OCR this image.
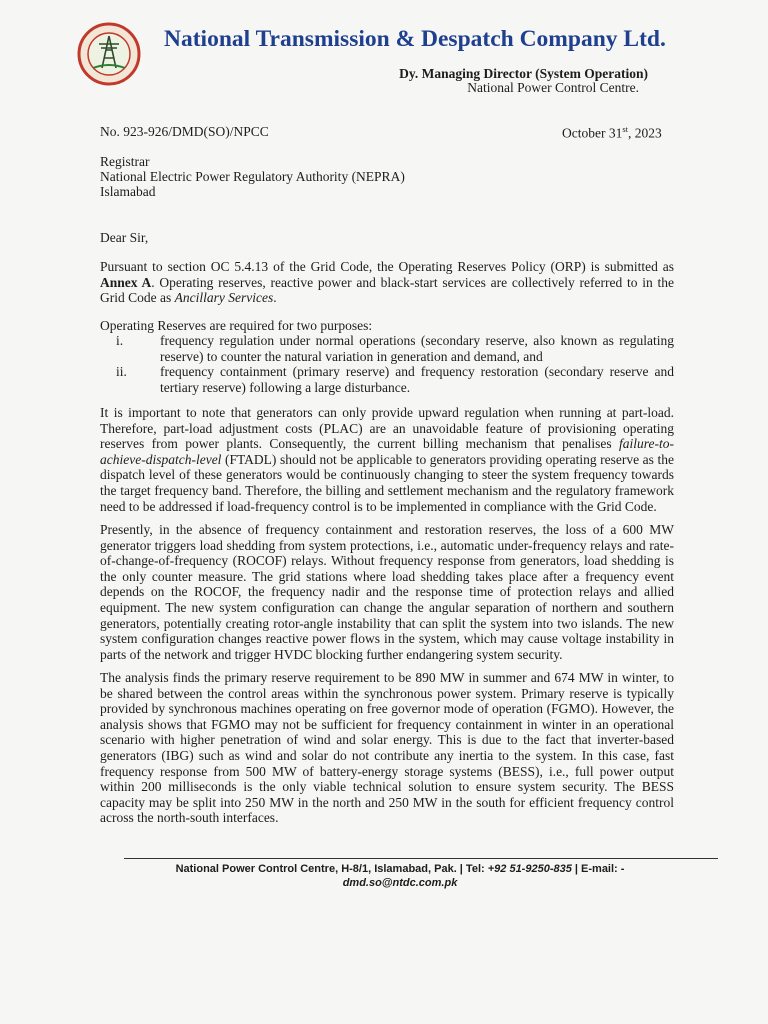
National Transmission & Despatch Company Ltd.
Dy. Managing Director (System Operation)
National Power Control Centre.
No. 923-926/DMD(SO)/NPCC	October 31st, 2023
Registrar
National Electric Power Regulatory Authority (NEPRA)
Islamabad
Dear Sir,
Pursuant to section OC 5.4.13 of the Grid Code, the Operating Reserves Policy (ORP) is submitted as Annex A. Operating reserves, reactive power and black-start services are collectively referred to in the Grid Code as Ancillary Services.
Operating Reserves are required for two purposes:
i.	frequency regulation under normal operations (secondary reserve, also known as regulating reserve) to counter the natural variation in generation and demand, and
ii.	frequency containment (primary reserve) and frequency restoration (secondary reserve and tertiary reserve) following a large disturbance.
It is important to note that generators can only provide upward regulation when running at part-load. Therefore, part-load adjustment costs (PLAC) are an unavoidable feature of provisioning operating reserves from power plants. Consequently, the current billing mechanism that penalises failure-to-achieve-dispatch-level (FTADL) should not be applicable to generators providing operating reserve as the dispatch level of these generators would be continuously changing to steer the system frequency towards the target frequency band. Therefore, the billing and settlement mechanism and the regulatory framework need to be addressed if load-frequency control is to be implemented in compliance with the Grid Code.
Presently, in the absence of frequency containment and restoration reserves, the loss of a 600 MW generator triggers load shedding from system protections, i.e., automatic under-frequency relays and rate-of-change-of-frequency (ROCOF) relays. Without frequency response from generators, load shedding is the only counter measure. The grid stations where load shedding takes place after a frequency event depends on the ROCOF, the frequency nadir and the response time of protection relays and allied equipment. The new system configuration can change the angular separation of northern and southern generators, potentially creating rotor-angle instability that can split the system into two islands. The new system configuration changes reactive power flows in the system, which may cause voltage instability in parts of the network and trigger HVDC blocking further endangering system security.
The analysis finds the primary reserve requirement to be 890 MW in summer and 674 MW in winter, to be shared between the control areas within the synchronous power system. Primary reserve is typically provided by synchronous machines operating on free governor mode of operation (FGMO). However, the analysis shows that FGMO may not be sufficient for frequency containment in winter in an operational scenario with higher penetration of wind and solar energy. This is due to the fact that inverter-based generators (IBG) such as wind and solar do not contribute any inertia to the system. In this case, fast frequency response from 500 MW of battery-energy storage systems (BESS), i.e., full power output within 200 milliseconds is the only viable technical solution to ensure system security. The BESS capacity may be split into 250 MW in the north and 250 MW in the south for efficient frequency control across the north-south interfaces.
National Power Control Centre, H-8/1, Islamabad, Pak. | Tel: +92 51-9250-835 | E-mail: -
dmd.so@ntdc.com.pk
